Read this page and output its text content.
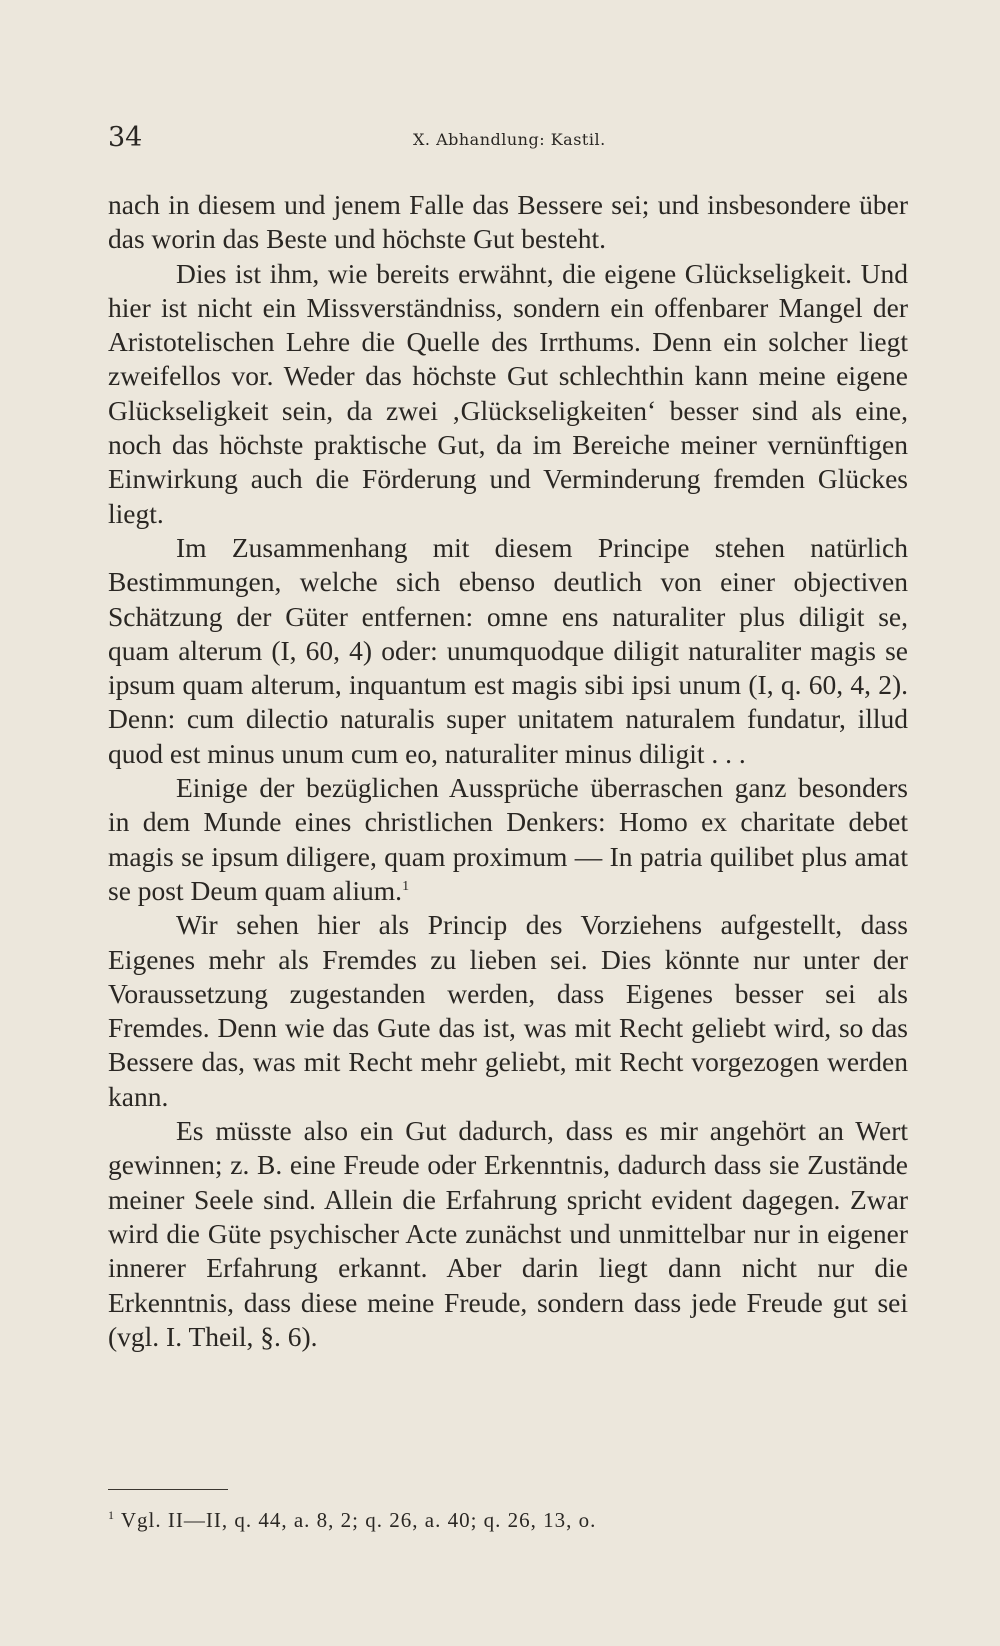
34	X. Abhandlung: Kastil.

nach in diesem und jenem Falle das Bessere sei; und insbesondere über das worin das Beste und höchste Gut besteht.

Dies ist ihm, wie bereits erwähnt, die eigene Glückseligkeit. Und hier ist nicht ein Missverständniss, sondern ein offenbarer Mangel der Aristotelischen Lehre die Quelle des Irrthums. Denn ein solcher liegt zweifellos vor. Weder das höchste Gut schlechthin kann meine eigene Glückseligkeit sein, da zwei ‚Glückseligkeiten‘ besser sind als eine, noch das höchste praktische Gut, da im Bereiche meiner vernünftigen Einwirkung auch die Förderung und Verminderung fremden Glückes liegt.

Im Zusammenhang mit diesem Principe stehen natürlich Bestimmungen, welche sich ebenso deutlich von einer objectiven Schätzung der Güter entfernen: omne ens naturaliter plus diligit se, quam alterum (I, 60, 4) oder: unumquodque diligit naturaliter magis se ipsum quam alterum, inquantum est magis sibi ipsi unum (I, q. 60, 4, 2). Denn: cum dilectio naturalis super unitatem naturalem fundatur, illud quod est minus unum cum eo, naturaliter minus diligit . . .

Einige der bezüglichen Aussprüche überraschen ganz besonders in dem Munde eines christlichen Denkers: Homo ex charitate debet magis se ipsum diligere, quam proximum — In patria quilibet plus amat se post Deum quam alium.$^1$

Wir sehen hier als Princip des Vorziehens aufgestellt, dass Eigenes mehr als Fremdes zu lieben sei. Dies könnte nur unter der Voraussetzung zugestanden werden, dass Eigenes besser sei als Fremdes. Denn wie das Gute das ist, was mit Recht geliebt wird, so das Bessere das, was mit Recht mehr geliebt, mit Recht vorgezogen werden kann.

Es müsste also ein Gut dadurch, dass es mir angehört an Wert gewinnen; z. B. eine Freude oder Erkenntnis, dadurch dass sie Zustände meiner Seele sind. Allein die Erfahrung spricht evident dagegen. Zwar wird die Güte psychischer Acte zunächst und unmittelbar nur in eigener innerer Erfahrung erkannt. Aber darin liegt dann nicht nur die Erkenntnis, dass diese meine Freude, sondern dass jede Freude gut sei (vgl. I. Theil, §. 6).

$^1$ Vgl. II—II, q. 44, a. 8, 2; q. 26, a. 40; q. 26, 13, o.
